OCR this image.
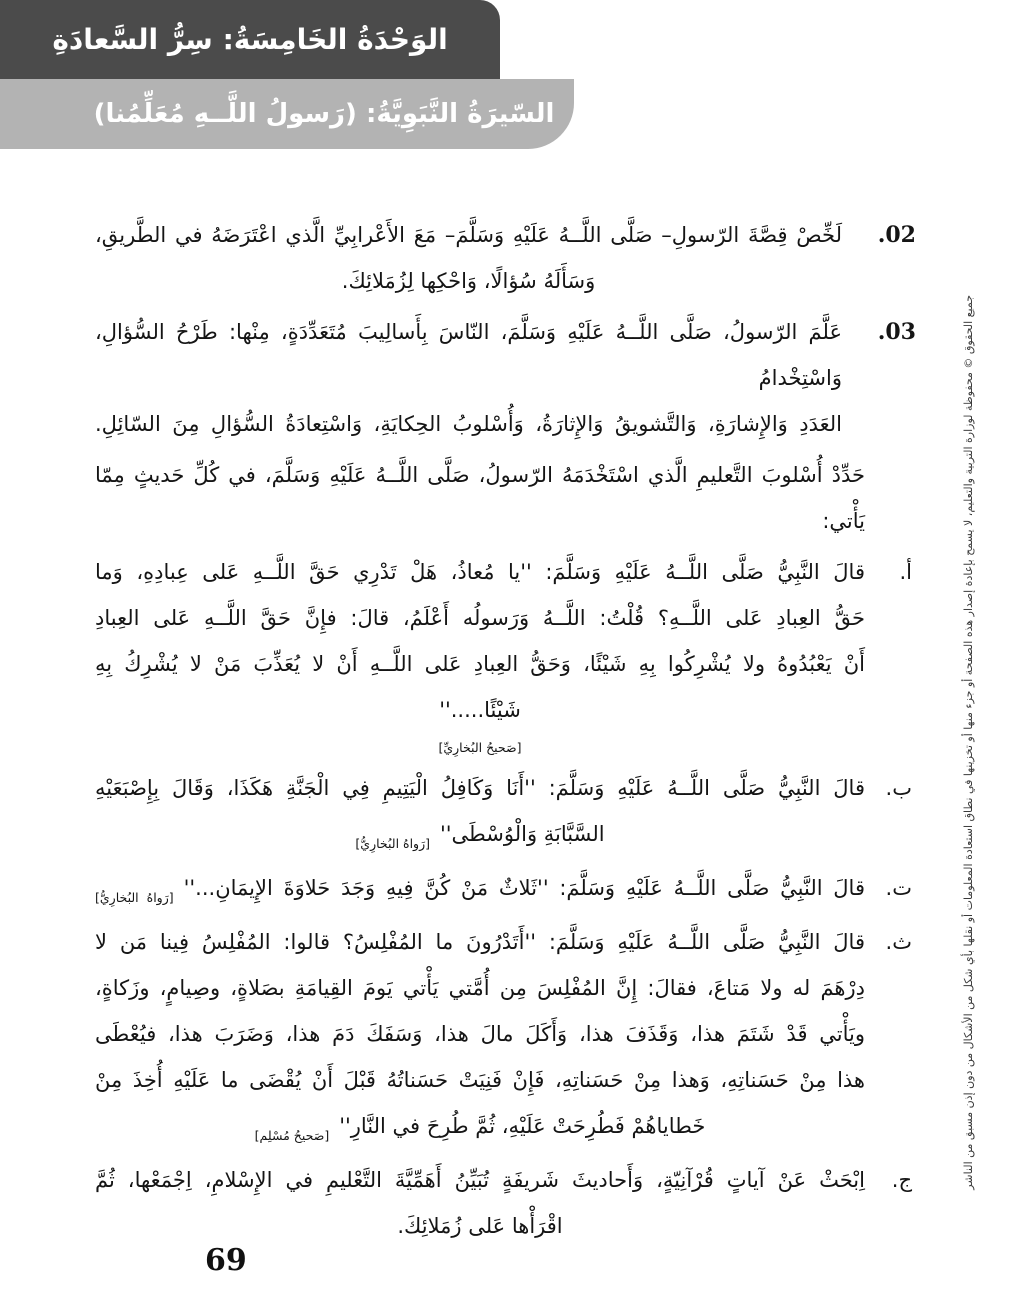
الوَحْدَةُ الخَامِسَةُ: سِرُّ السَّعادَةِ
السّيرَةُ النَّبَوِيَّةُ: (رَسولُ اللَّــهِ مُعَلِّمُنا)
02.
لَخِّصْ قِصَّةَ الرّسولِ– صَلَّى اللَّــهُ عَلَيْهِ وَسَلَّمَ– مَعَ الأَعْرابِيِّ الَّذي اعْتَرَضَهُ في الطَّريقِ،
وَسَأَلَهُ سُؤالًا، وَاحْكِها لِزُمَلائِكَ.
03.
عَلَّمَ الرّسولُ، صَلَّى اللَّــهُ عَلَيْهِ وَسَلَّمَ، النّاسَ بِأَسالِيبَ مُتَعَدِّدَةٍ، مِنْها: طَرْحُ السُّؤالِ، وَاسْتِخْدامُ
العَدَدِ وَالإِشارَةِ، وَالتَّشويقُ وَالإِثارَةُ، وَأُسْلوبُ الحِكايَةِ، وَاسْتِعادَةُ السُّؤالِ مِنَ السّائِلِ.
حَدِّدْ أُسْلوبَ التَّعليمِ الَّذي اسْتَخْدَمَهُ الرّسولُ، صَلَّى اللَّــهُ عَلَيْهِ وَسَلَّمَ، في كُلِّ حَديثٍ مِمّا يَأْتي:
أ.
قالَ النَّبِيُّ صَلَّى اللَّــهُ عَلَيْهِ وَسَلَّمَ: ''يا مُعاذُ، هَلْ تَدْرِي حَقَّ اللَّــهِ عَلى عِبادِهِ، وَما
حَقُّ العِبادِ عَلى اللَّــهِ؟ قُلْتُ: اللَّــهُ وَرَسولُه أَعْلَمُ، قالَ: فإِنَّ حَقَّ اللَّــهِ عَلى العِبادِ
أَنْ يَعْبُدُوهُ ولا يُشْرِكُوا بِهِ شَيْئًا، وَحَقُّ العِبادِ عَلى اللَّــهِ أَنْ لا يُعَذِّبَ مَنْ لا يُشْرِكُ بِهِ
شَيْئًا.....''
[صَحيحُ البُخارِيِّ]
ب.
قالَ النَّبِيُّ صَلَّى اللَّــهُ عَلَيْهِ وَسَلَّمَ: ''أَنَا وَكَافِلُ الْيَتِيمِ فِي الْجَنَّةِ هَكَذَا، وَقَالَ بِإِصْبَعَيْهِ
السَّبَّابَةِ $وَالْوُسْطَى''_{[رَواهُ البُخارِيُّ]}$
ت.
قالَ النَّبِيُّ صَلَّى اللَّــهُ عَلَيْهِ وَسَلَّمَ: ''ثَلاثٌ مَنْ كُنَّ فِيهِ وَجَدَ حَلاوَةَ $الإِيمَانِ...''_{[رَواهُ البُخارِيُّ]}$
ث.
قالَ النَّبِيُّ صَلَّى اللَّــهُ عَلَيْهِ وَسَلَّمَ: ''أَتَدْرُونَ ما المُفْلِسُ؟ قالوا: المُفْلِسُ فِينا مَن لا
دِرْهَمَ له ولا مَتاعَ، فقالَ: إِنَّ المُفْلِسَ مِن أُمَّتي يَأْتي يَومَ القِيامَةِ بصَلاةٍ، وصِيامٍ، وزَكاةٍ،
ويَأْتي قَدْ شَتَمَ هذا، وَقَذَفَ هذا، وَأَكَلَ مالَ هذا، وَسَفَكَ دَمَ هذا، وَضَرَبَ هذا، فيُعْطَى
هذا مِنْ حَسَناتِهِ، وَهذا مِنْ حَسَناتِهِ، فَإِنْ فَنِيَتْ حَسَناتُهُ قَبْلَ أَنْ يُقْضَى ما عَلَيْهِ أُخِذَ مِنْ
خَطاياهُمْ فَطُرِحَتْ عَلَيْهِ، ثُمَّ طُرِحَ في $النَّارِ''_{[صَحيحُ مُسْلِم]}$
ج.
اِبْحَثْ عَنْ آياتٍ قُرْآنِيّةٍ، وَأَحاديثَ شَريفَةٍ تُبَيِّنُ أَهَمِّيَّةَ التَّعْليمِ في الإِسْلامِ، اِجْمَعْها، ثُمَّ
اقْرَأْها عَلى زُمَلائِكَ.
جميع الحقوق © محفوظة لوزارة التربية والتعليم، لا يسمح بإعادة إصدار هذه الصفحة أو جزء منها أو تخزينها في نطاق استعادة المعلومات أو نقلها بأي شكل من الأشكال من دون إذن مسبق من الناشر
69
